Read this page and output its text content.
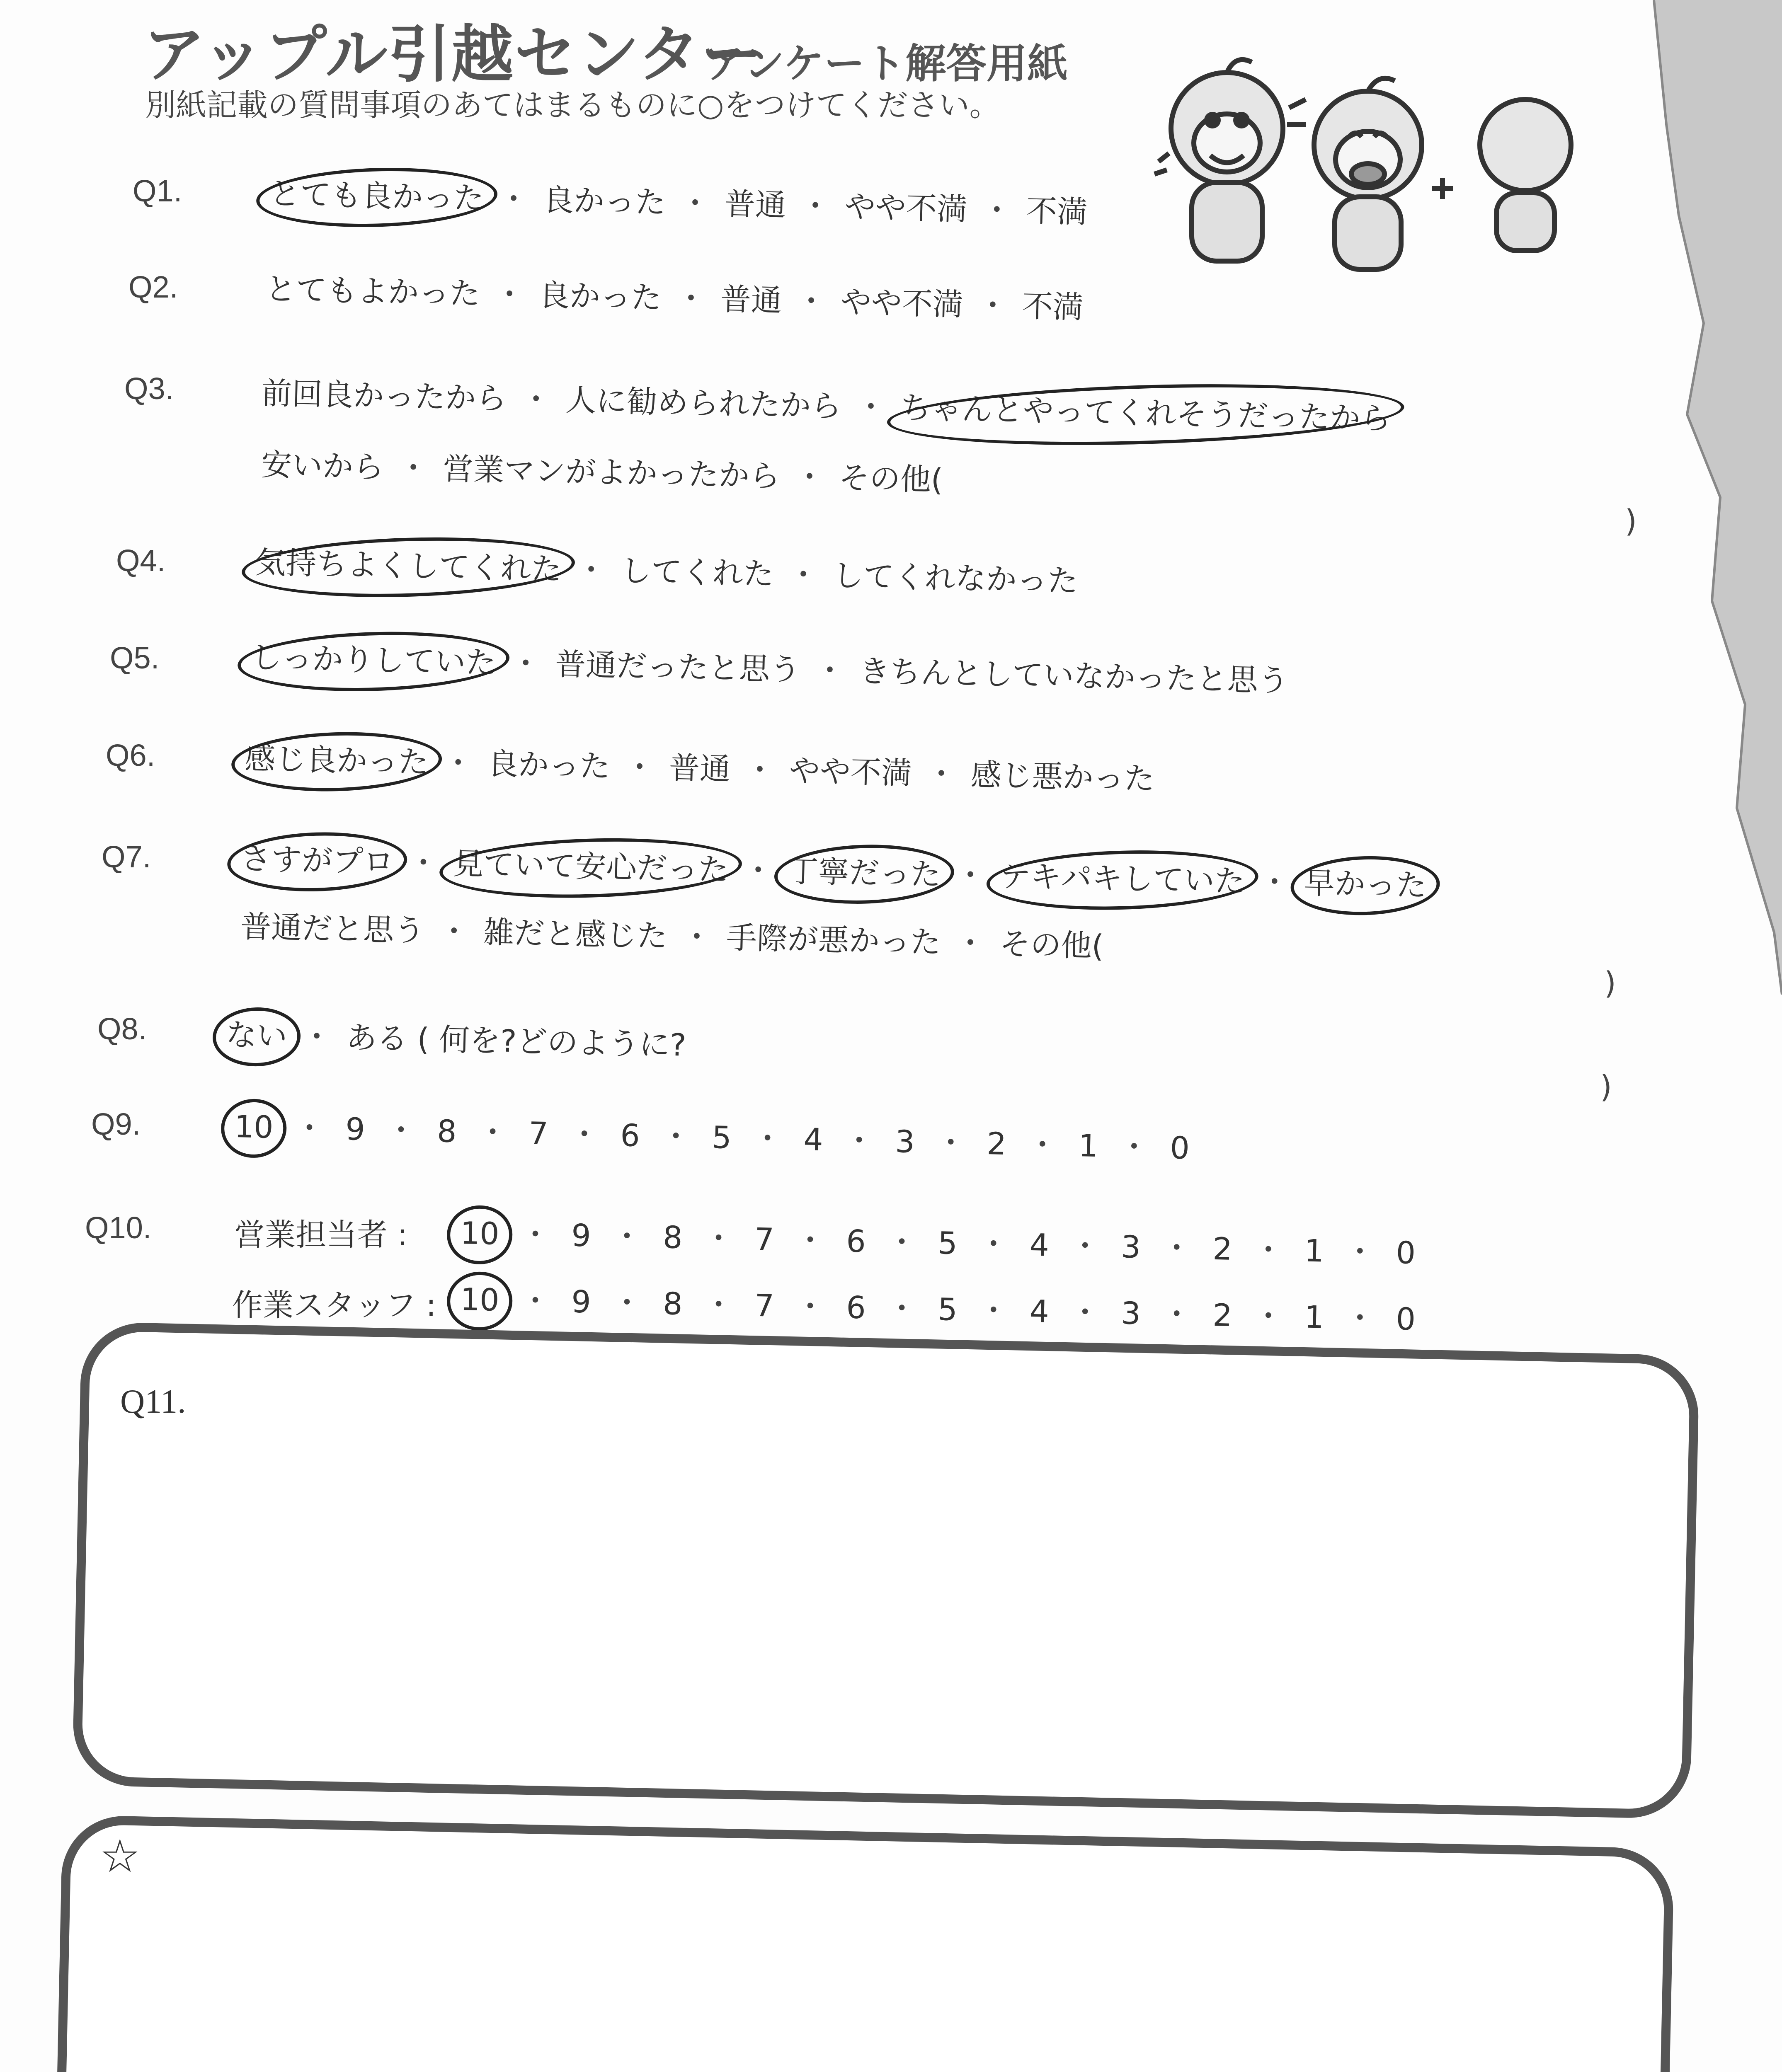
アップル引越センター
アンケート解答用紙
別紙記載の質問事項のあてはまるものに○をつけてください。
Q1.
Q2.
Q3.
Q4.
Q5.
Q6.
Q7.
Q8.
Q9.
Q10.
とても良かった ・ 良かった ・ 普通 ・ やや不満 ・ 不満
とてもよかった ・ 良かった ・ 普通 ・ やや不満 ・ 不満
前回良かったから ・ 人に勧められたから ・ ちゃんとやってくれそうだったから
安いから ・ 営業マンがよかったから ・ その他(
)
気持ちよくしてくれた ・ してくれた ・ してくれなかった
しっかりしていた ・ 普通だったと思う ・ きちんとしていなかったと思う
感じ良かった ・ 良かった ・ 普通 ・ やや不満 ・ 感じ悪かった
さすがプロ ・ 見ていて安心だった ・ 丁寧だった ・ テキパキしていた ・ 早かった
普通だと思う ・ 雑だと感じた ・ 手際が悪かった ・ その他(
)
ない ・ ある ( 何を?どのように?
)
10 ・ 9 ・ 8 ・ 7 ・ 6 ・ 5 ・ 4 ・ 3 ・ 2 ・ 1 ・ 0
営業担当者 : 10 ・ 9 ・ 8 ・ 7 ・ 6 ・ 5 ・ 4 ・ 3 ・ 2 ・ 1 ・ 0
作業スタッフ : 10 ・ 9 ・ 8 ・ 7 ・ 6 ・ 5 ・ 4 ・ 3 ・ 2 ・ 1 ・ 0
Q11.
☆
